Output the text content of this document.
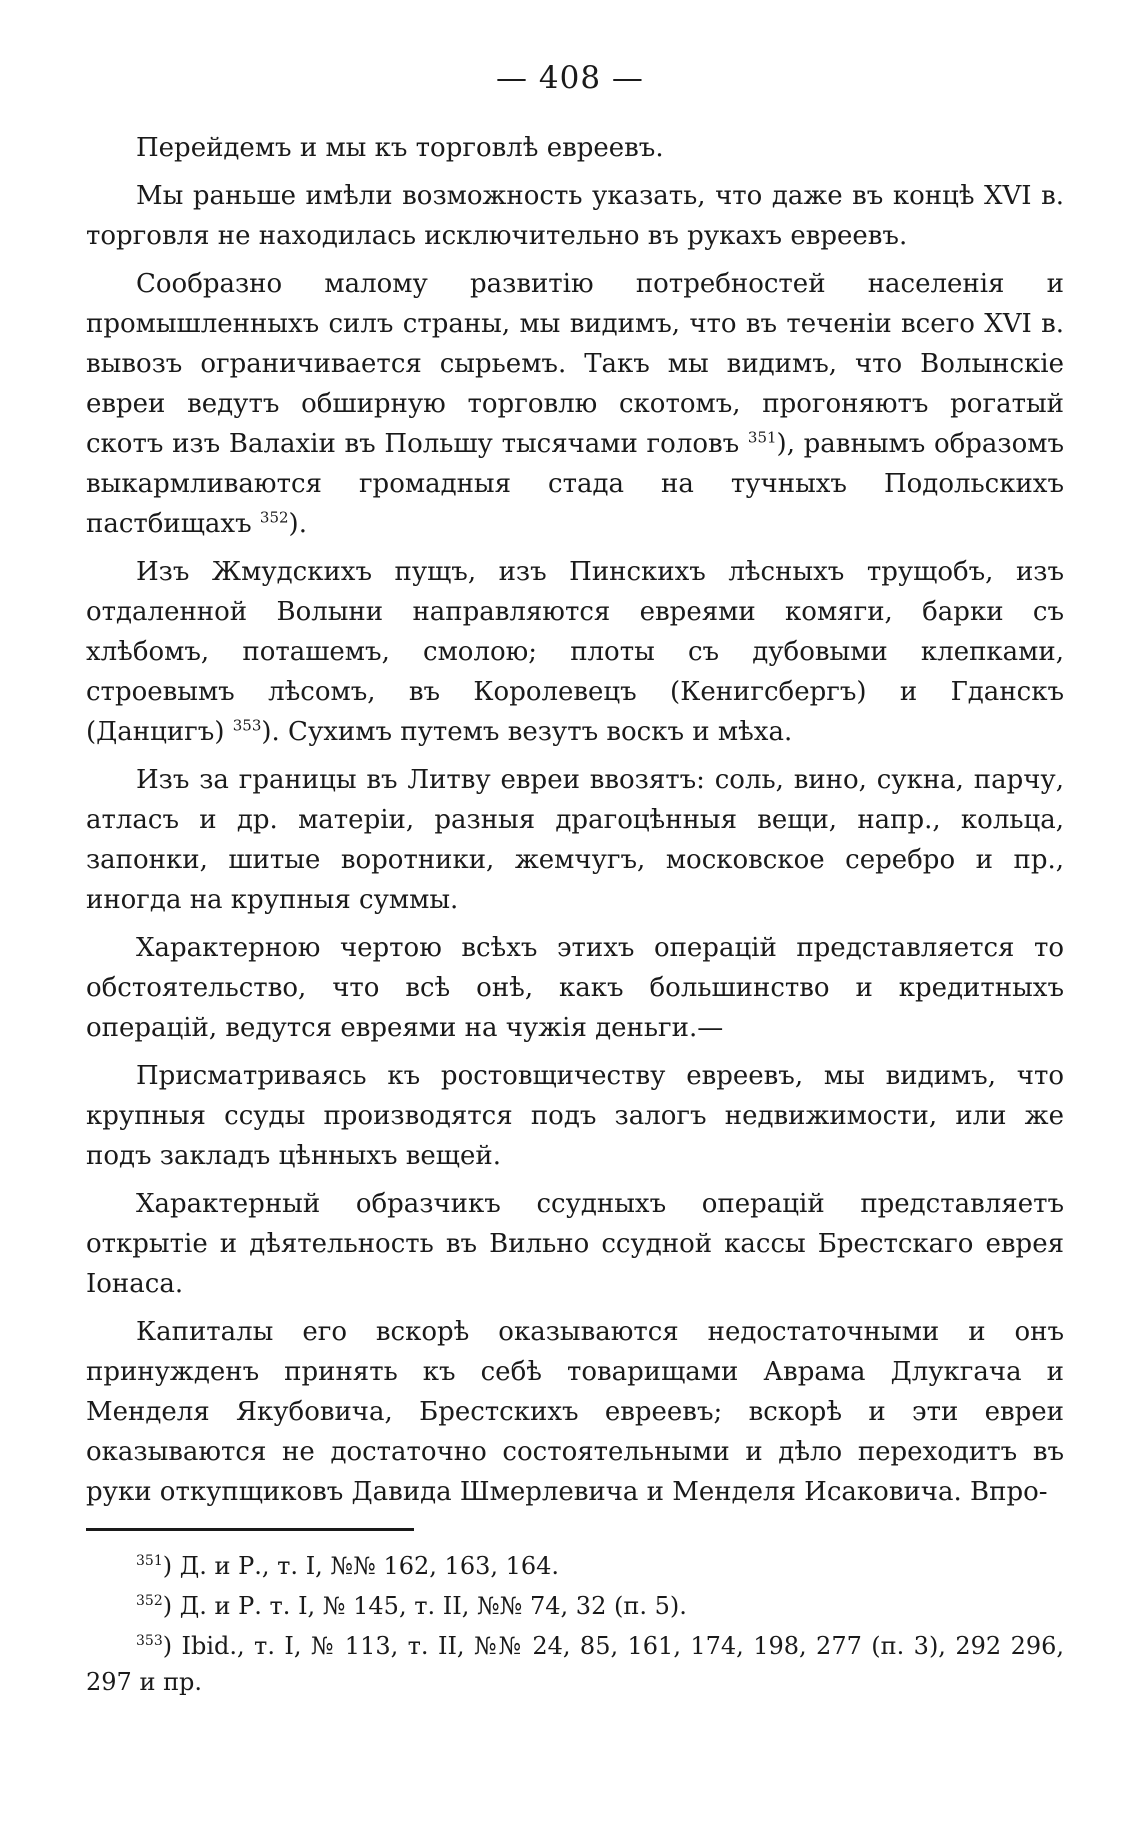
— 408 —

Перейдемъ и мы къ торговлѣ евреевъ.

Мы раньше имѣли возможность указать, что даже въ концѣ XVI в. торговля не находилась исключительно въ рукахъ евреевъ.

Сообразно малому развитію потребностей населенія и промышленныхъ силъ страны, мы видимъ, что въ теченіи всего XVI в. вывозъ ограничивается сырьемъ. Такъ мы видимъ, что Волынскіе евреи ведутъ обширную торговлю скотомъ, прогоняютъ рогатый скотъ изъ Валахіи въ Польшу тысячами головъ $^{351}$), равнымъ образомъ выкармливаются громадныя стада на тучныхъ Подольскихъ пастбищахъ $^{352}$).

Изъ Жмудскихъ пущъ, изъ Пинскихъ лѣсныхъ трущобъ, изъ отдаленной Волыни направляются евреями комяги, барки съ хлѣбомъ, поташемъ, смолою; плоты съ дубовыми клепками, строевымъ лѣсомъ, въ Королевецъ (Кенигсбергъ) и Гданскъ (Данцигъ) $^{353}$). Сухимъ путемъ везутъ воскъ и мѣха.

Изъ за границы въ Литву евреи ввозятъ: соль, вино, сукна, парчу, атласъ и др. матеріи, разныя драгоцѣнныя вещи, напр., кольца, запонки, шитые воротники, жемчугъ, московское серебро и пр., иногда на крупныя суммы.

Характерною чертою всѣхъ этихъ операцій представляется то обстоятельство, что всѣ онѣ, какъ большинство и кредитныхъ операцій, ведутся евреями на чужія деньги.—

Присматриваясь къ ростовщичеству евреевъ, мы видимъ, что крупныя ссуды производятся подъ залогъ недвижимости, или же подъ закладъ цѣнныхъ вещей.

Характерный образчикъ ссудныхъ операцій представляетъ открытіе и дѣятельность въ Вильно ссудной кассы Брестскаго еврея Іонаса.

Капиталы его вскорѣ оказываются недостаточными и онъ принужденъ принять къ себѣ товарищами Аврама Длукгача и Менделя Якубовича, Брестскихъ евреевъ; вскорѣ и эти евреи оказываются не достаточно состоятельными и дѣло переходитъ въ руки откупщиковъ Давида Шмерлевича и Менделя Исаковича. Впро-

$^{351}$) Д. и Р., т. I, №№ 162, 163, 164.

$^{352}$) Д. и Р. т. I, № 145, т. II, №№ 74, 32 (п. 5).

$^{353}$) Ibid., т. I, № 113, т. II, №№ 24, 85, 161, 174, 198, 277 (п. 3), 292 296, 297 и пр.
